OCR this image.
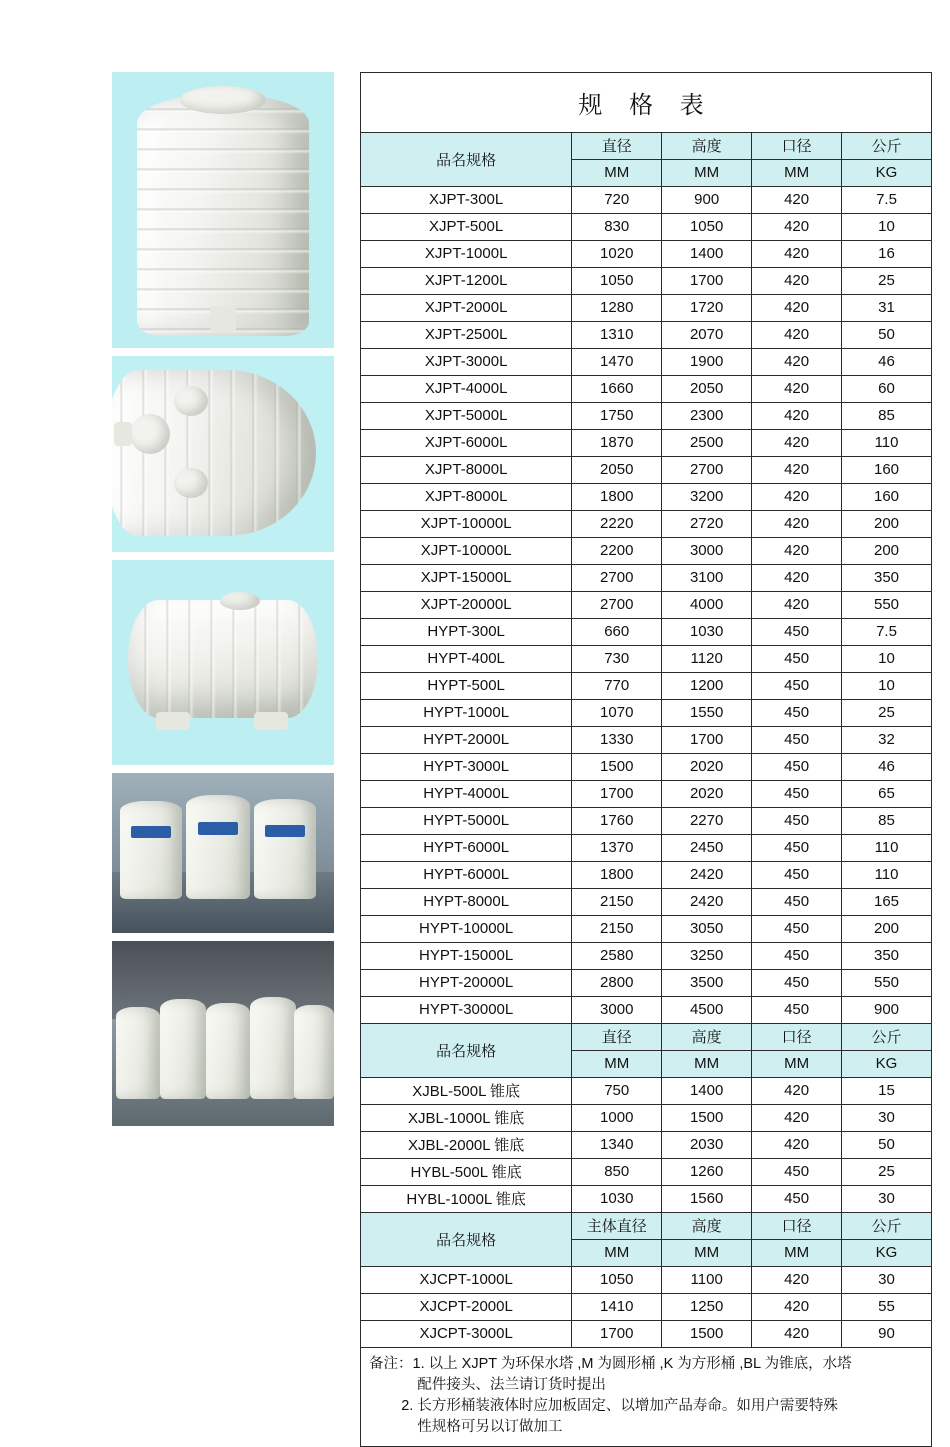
规 格 表				
品名规格	直径	高度	口径	公斤
	MM	MM	MM	KG
XJPT-300L	720	900	420	7.5
XJPT-500L	830	1050	420	10
XJPT-1000L	1020	1400	420	16
XJPT-1200L	1050	1700	420	25
XJPT-2000L	1280	1720	420	31
XJPT-2500L	1310	2070	420	50
XJPT-3000L	1470	1900	420	46
XJPT-4000L	1660	2050	420	60
XJPT-5000L	1750	2300	420	85
XJPT-6000L	1870	2500	420	110
XJPT-8000L	2050	2700	420	160
XJPT-8000L	1800	3200	420	160
XJPT-10000L	2220	2720	420	200
XJPT-10000L	2200	3000	420	200
XJPT-15000L	2700	3100	420	350
XJPT-20000L	2700	4000	420	550
HYPT-300L	660	1030	450	7.5
HYPT-400L	730	1120	450	10
HYPT-500L	770	1200	450	10
HYPT-1000L	1070	1550	450	25
HYPT-2000L	1330	1700	450	32
HYPT-3000L	1500	2020	450	46
HYPT-4000L	1700	2020	450	65
HYPT-5000L	1760	2270	450	85
HYPT-6000L	1370	2450	450	110
HYPT-6000L	1800	2420	450	110
HYPT-8000L	2150	2420	450	165
HYPT-10000L	2150	3050	450	200
HYPT-15000L	2580	3250	450	350
HYPT-20000L	2800	3500	450	550
HYPT-30000L	3000	4500	450	900
品名规格	直径	高度	口径	公斤
	MM	MM	MM	KG
XJBL-500L 锥底	750	1400	420	15
XJBL-1000L 锥底	1000	1500	420	30
XJBL-2000L 锥底	1340	2030	420	50
HYBL-500L 锥底	850	1260	450	25
HYBL-1000L 锥底	1030	1560	450	30
品名规格	主体直径	高度	口径	公斤
	MM	MM	MM	KG
XJCPT-1000L	1050	1100	420	30
XJCPT-2000L	1410	1250	420	55
XJCPT-3000L	1700	1500	420	90

备注：1. 以上 XJPT 为环保水塔 ,M 为圆形桶 ,K 为方形桶 ,BL 为锥底，水塔
配件接头、法兰请订货时提出
2. 长方形桶装液体时应加板固定、以增加产品寿命。如用户需要特殊
性规格可另以订做加工				
